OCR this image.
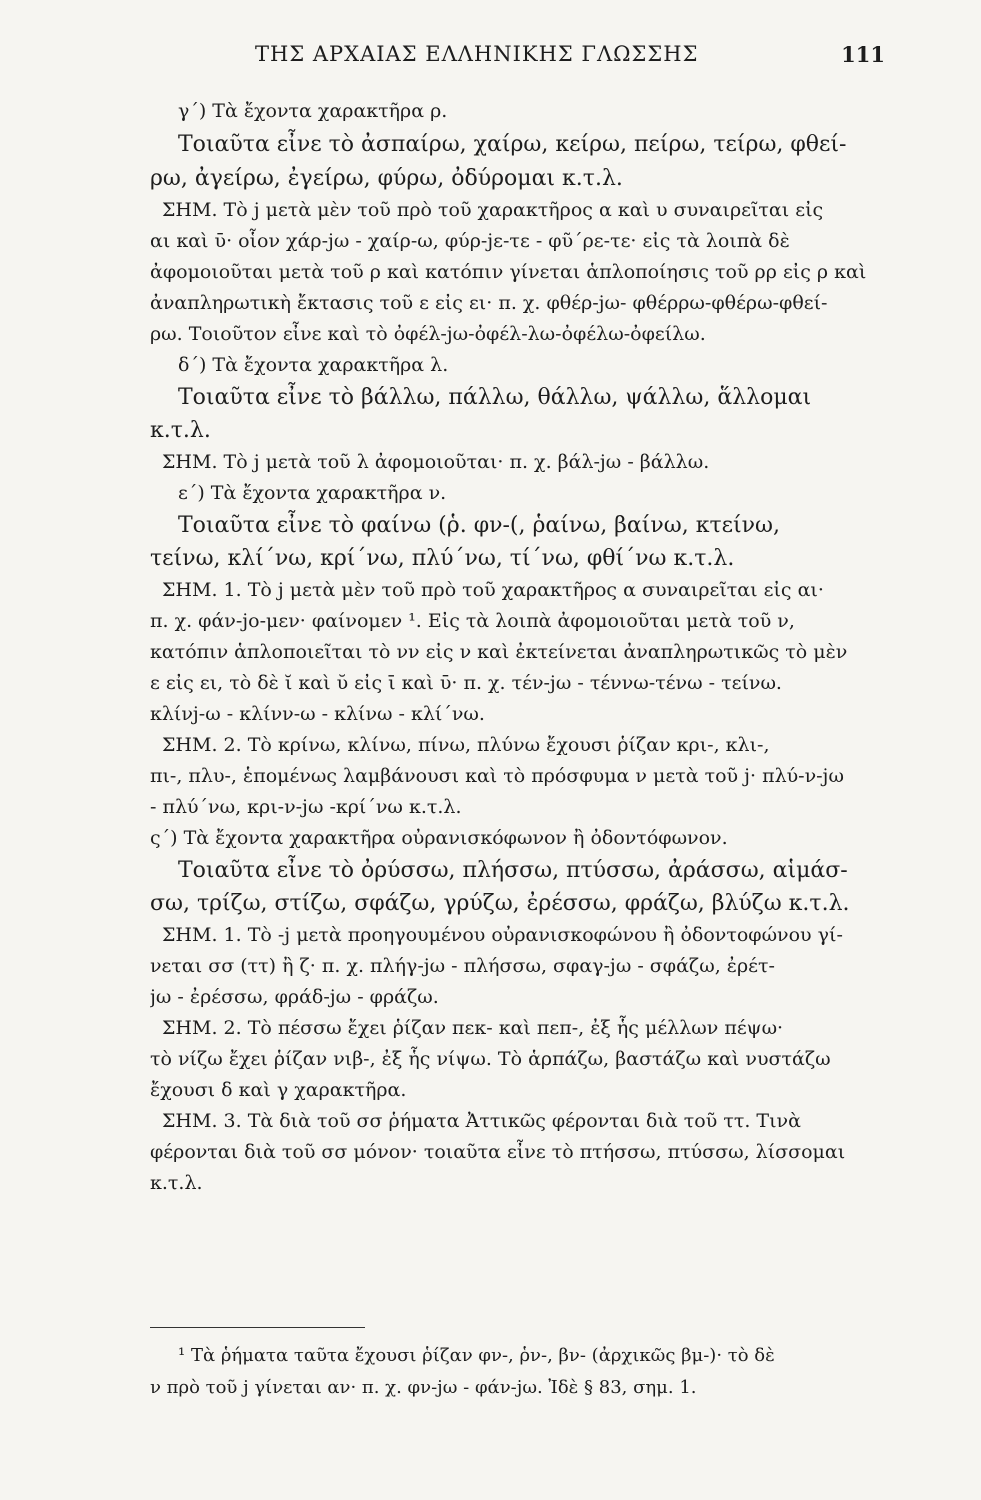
ΤΗΣ ΑΡΧΑΙΑΣ ΕΛΛΗΝΙΚΗΣ ΓΛΩΣΣΗΣ	111
γ΄) Τὰ ἔχοντα χαρακτῆρα ρ.
Τοιαῦτα εἶνε τὸ ἀσπαίρω, χαίρω, κείρω, πείρω, τείρω, φθεί-
ρω, ἀγείρω, ἐγείρω, φύρω, ὀδύρομαι κ.τ.λ.
ΣΗΜ. Τὸ j μετὰ μὲν τοῦ πρὸ τοῦ χαρακτῆρος α καὶ υ συναιρεῖται εἰς
αι καὶ ῡ· οἷον χάρ-jω - χαίρ-ω, φύρ-jε-τε - φῦ΄ρε-τε· εἰς τὰ λοιπὰ δὲ
ἀφομοιοῦται μετὰ τοῦ ρ καὶ κατόπιν γίνεται ἁπλοποίησις τοῦ ρρ εἰς ρ καὶ
ἀναπληρωτικὴ ἔκτασις τοῦ ε εἰς ει· π. χ. φθέρ-jω- φθέρρω-φθέρω-φθεί-
ρω. Τοιοῦτον εἶνε καὶ τὸ ὀφέλ-jω-ὀφέλ-λω-ὀφέλω-ὀφείλω.
δ΄) Τὰ ἔχοντα χαρακτῆρα λ.
Τοιαῦτα εἶνε τὸ βάλλω, πάλλω, θάλλω, ψάλλω, ἅλλομαι
κ.τ.λ.
ΣΗΜ. Τὸ j μετὰ τοῦ λ ἀφομοιοῦται· π. χ. βάλ-jω - βάλλω.
ε΄) Τὰ ἔχοντα χαρακτῆρα ν.
Τοιαῦτα εἶνε τὸ φαίνω (ῥ. φν-(, ῥαίνω, βαίνω, κτείνω,
τείνω, κλί΄νω, κρί΄νω, πλύ΄νω, τί΄νω, φθί΄νω κ.τ.λ.
ΣΗΜ. 1. Τὸ j μετὰ μὲν τοῦ πρὸ τοῦ χαρακτῆρος α συναιρεῖται εἰς αι·
π. χ. φάν-jo-μεν· φαίνομεν ¹. Εἰς τὰ λοιπὰ ἀφομοιοῦται μετὰ τοῦ ν,
κατόπιν ἁπλοποιεῖται τὸ νν εἰς ν καὶ ἐκτείνεται ἀναπληρωτικῶς τὸ μὲν
ε εἰς ει, τὸ δὲ ῐ καὶ ῠ εἰς ῑ καὶ ῡ· π. χ. τέν-jω - τέννω-τένω - τείνω.
κλίνj-ω - κλίνν-ω - κλίνω - κλί΄νω.
ΣΗΜ. 2. Τὸ κρίνω, κλίνω, πίνω, πλύνω ἔχουσι ῥίζαν κρι-, κλι-,
πι-, πλυ-, ἑπομένως λαμβάνουσι καὶ τὸ πρόσφυμα ν μετὰ τοῦ j· πλύ-ν-jω
- πλύ΄νω, κρι-ν-jω -κρί΄νω κ.τ.λ.
ς΄) Τὰ ἔχοντα χαρακτῆρα οὐρανισκόφωνον ἢ ὀδοντόφωνον.
Τοιαῦτα εἶνε τὸ ὀρύσσω, πλήσσω, πτύσσω, ἀράσσω, αἱμάσ-
σω, τρίζω, στίζω, σφάζω, γρύζω, ἐρέσσω, φράζω, βλύζω κ.τ.λ.
ΣΗΜ. 1. Τὸ -j μετὰ προηγουμένου οὐρανισκοφώνου ἢ ὀδοντοφώνου γί-
νεται σσ (ττ) ἢ ζ· π. χ. πλήγ-jω - πλήσσω, σφαγ-jω - σφάζω, ἐρέτ-
jω - ἐρέσσω, φράδ-jω - φράζω.
ΣΗΜ. 2. Τὸ πέσσω ἔχει ῥίζαν πεκ- καὶ πεπ-, ἐξ ἧς μέλλων πέψω·
τὸ νίζω ἔχει ῥίζαν νιβ-, ἐξ ἧς νίψω. Τὸ ἁρπάζω, βαστάζω καὶ νυστάζω
ἔχουσι δ καὶ γ χαρακτῆρα.
ΣΗΜ. 3. Τὰ διὰ τοῦ σσ ῥήματα Ἀττικῶς φέρονται διὰ τοῦ ττ. Τινὰ
φέρονται διὰ τοῦ σσ μόνον· τοιαῦτα εἶνε τὸ πτήσσω, πτύσσω, λίσσομαι
κ.τ.λ.
¹ Τὰ ῥήματα ταῦτα ἔχουσι ῥίζαν φν-, ῥν-, βν- (ἀρχικῶς βμ-)· τὸ δὲ
ν πρὸ τοῦ j γίνεται αν· π. χ. φν-jω - φάν-jω. Ἰδὲ § 83, σημ. 1.
